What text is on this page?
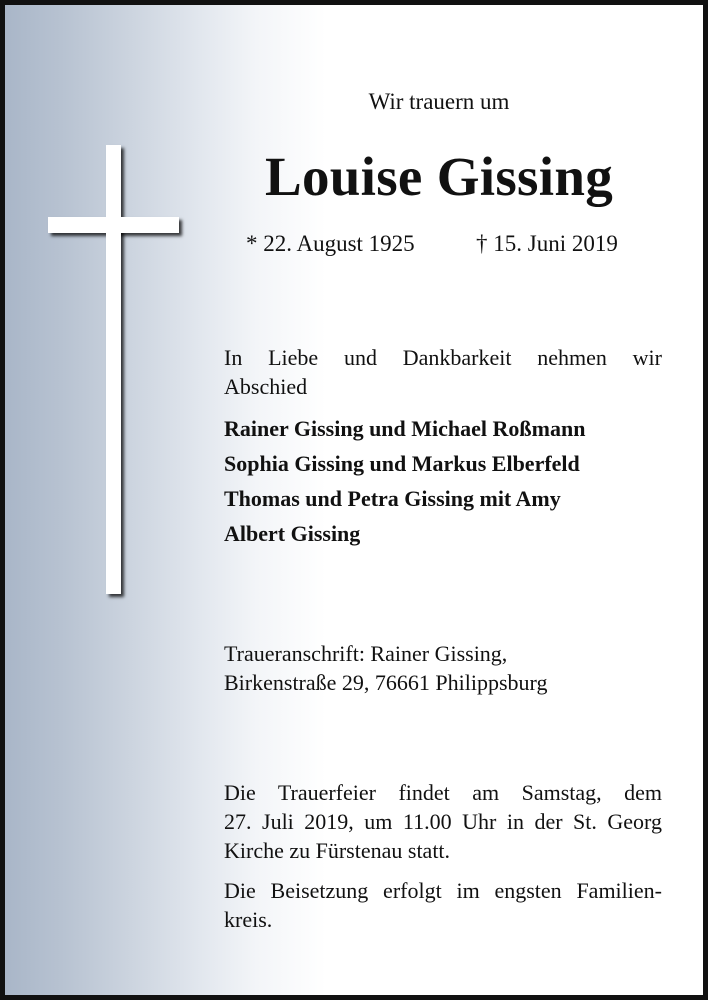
Wir trauern um
Louise Gissing
* 22. August 1925	† 15. Juni 2019
In Liebe und Dankbarkeit nehmen wir
Abschied
Rainer Gissing und Michael Roßmann
Sophia Gissing und Markus Elberfeld
Thomas und Petra Gissing mit Amy
Albert Gissing
Traueranschrift: Rainer Gissing,
Birkenstraße 29, 76661 Philippsburg
Die Trauerfeier findet am Samstag, dem
27. Juli 2019, um 11.00 Uhr in der St. Georg
Kirche zu Fürstenau statt.
Die Beisetzung erfolgt im engsten Familien-
kreis.
